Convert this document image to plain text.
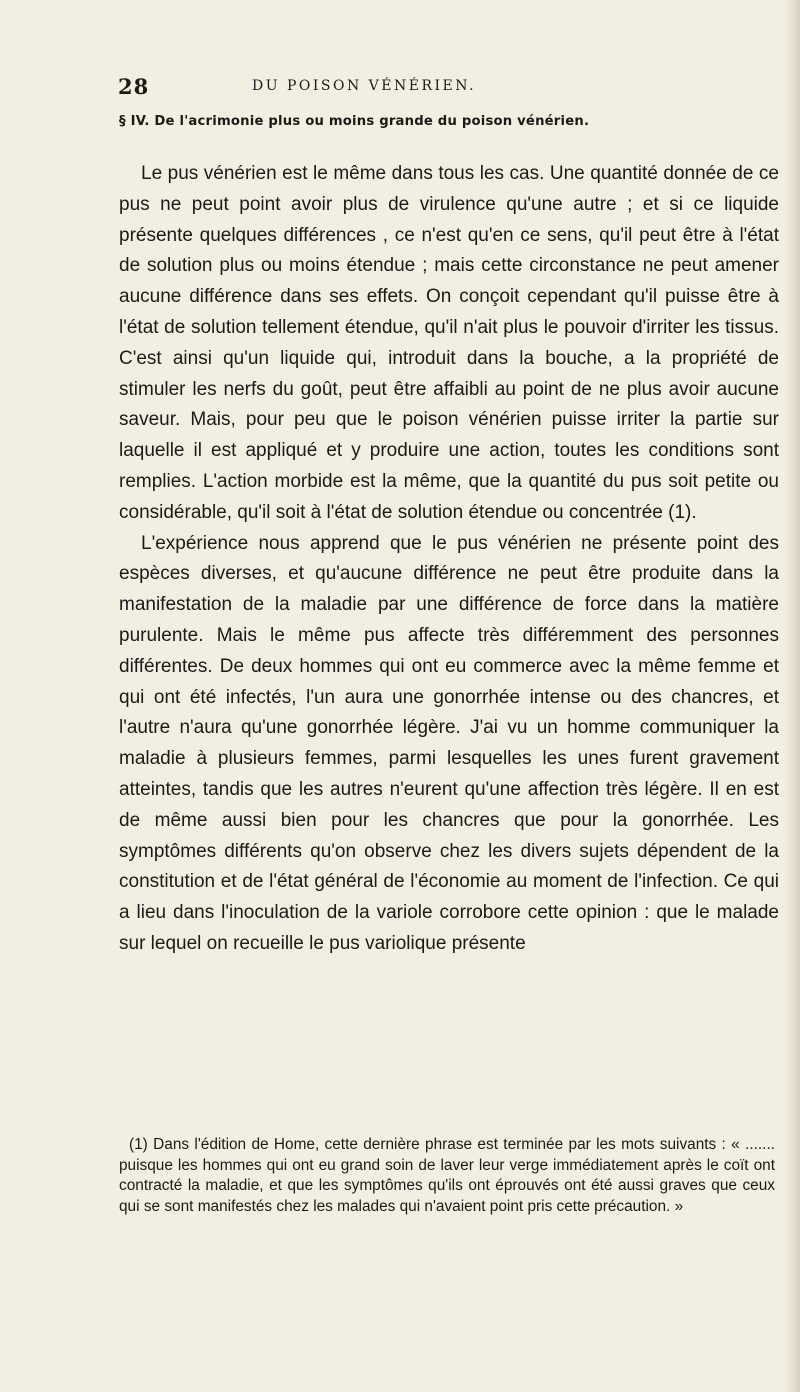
28	DU POISON VÉNÉRIEN.
§ IV. De l'acrimonie plus ou moins grande du poison vénérien.

Le pus vénérien est le même dans tous les cas. Une quantité donnée de ce pus ne peut point avoir plus de virulence qu'une autre ; et si ce liquide présente quelques différences , ce n'est qu'en ce sens, qu'il peut être à l'état de solution plus ou moins étendue ; mais cette circonstance ne peut amener aucune différence dans ses effets. On conçoit cependant qu'il puisse être à l'état de solution tellement étendue, qu'il n'ait plus le pouvoir d'irriter les tissus. C'est ainsi qu'un liquide qui, introduit dans la bouche, a la propriété de stimuler les nerfs du goût, peut être affaibli au point de ne plus avoir aucune saveur. Mais, pour peu que le poison vénérien puisse irriter la partie sur laquelle il est appliqué et y produire une action, toutes les conditions sont remplies. L'action morbide est la même, que la quantité du pus soit petite ou considérable, qu'il soit à l'état de solution étendue ou concentrée (1).

L'expérience nous apprend que le pus vénérien ne présente point des espèces diverses, et qu'aucune différence ne peut être produite dans la manifestation de la maladie par une différence de force dans la matière purulente. Mais le même pus affecte très différemment des personnes différentes. De deux hommes qui ont eu commerce avec la même femme et qui ont été infectés, l'un aura une gonorrhée intense ou des chancres, et l'autre n'aura qu'une gonorrhée légère. J'ai vu un homme communiquer la maladie à plusieurs femmes, parmi lesquelles les unes furent gravement atteintes, tandis que les autres n'eurent qu'une affection très légère. Il en est de même aussi bien pour les chancres que pour la gonorrhée. Les symptômes différents qu'on observe chez les divers sujets dépendent de la constitution et de l'état général de l'économie au moment de l'infection. Ce qui a lieu dans l'inoculation de la variole corrobore cette opinion : que le malade sur lequel on recueille le pus variolique présente

(1) Dans l'édition de Home, cette dernière phrase est terminée par les mots suivants : « ....... puisque les hommes qui ont eu grand soin de laver leur verge immédiatement après le coït ont contracté la maladie, et que les symptômes qu'ils ont éprouvés ont été aussi graves que ceux qui se sont manifestés chez les malades qui n'avaient point pris cette précaution. »
